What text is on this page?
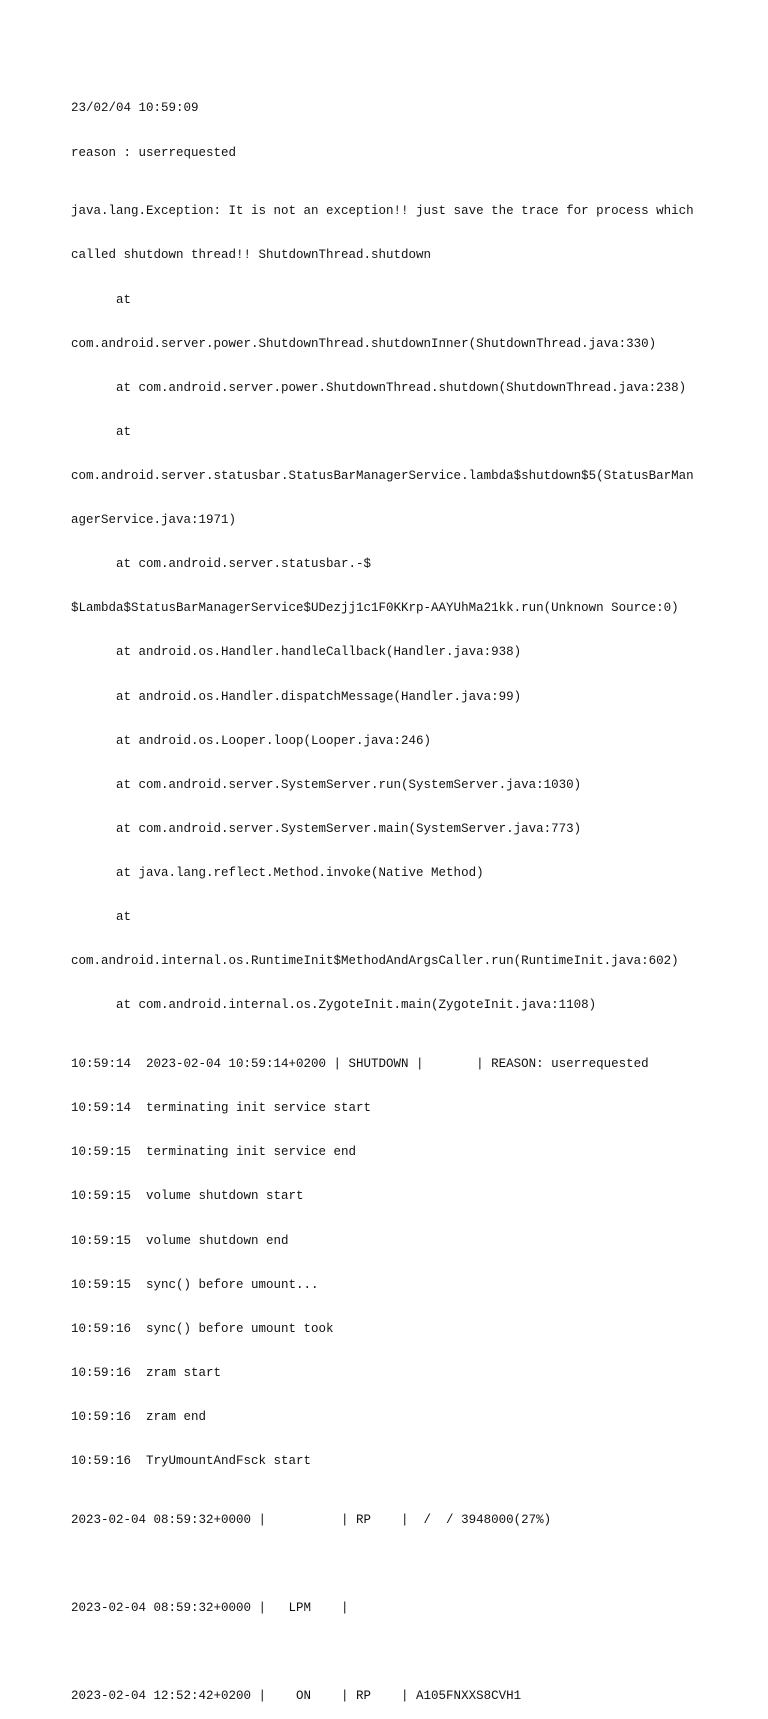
23/02/04 10:59:09

reason : userrequested

java.lang.Exception: It is not an exception!! just save the trace for process which

called shutdown thread!! ShutdownThread.shutdown

at

com.android.server.power.ShutdownThread.shutdownInner(ShutdownThread.java:330)

at com.android.server.power.ShutdownThread.shutdown(ShutdownThread.java:238)

at

com.android.server.statusbar.StatusBarManagerService.lambda$shutdown$5(StatusBarMan

agerService.java:1971)

at com.android.server.statusbar.-$

$Lambda$StatusBarManagerService$UDezjj1c1F0KKrp-AAYUhMa21kk.run(Unknown Source:0)

at android.os.Handler.handleCallback(Handler.java:938)

at android.os.Handler.dispatchMessage(Handler.java:99)

at android.os.Looper.loop(Looper.java:246)

at com.android.server.SystemServer.run(SystemServer.java:1030)

at com.android.server.SystemServer.main(SystemServer.java:773)

at java.lang.reflect.Method.invoke(Native Method)

at

com.android.internal.os.RuntimeInit$MethodAndArgsCaller.run(RuntimeInit.java:602)

at com.android.internal.os.ZygoteInit.main(ZygoteInit.java:1108)

10:59:14  2023-02-04 10:59:14+0200 | SHUTDOWN |       | REASON: userrequested

10:59:14  terminating init service start

10:59:15  terminating init service end

10:59:15  volume shutdown start

10:59:15  volume shutdown end

10:59:15  sync() before umount...

10:59:16  sync() before umount took

10:59:16  zram start

10:59:16  zram end

10:59:16  TryUmountAndFsck start

2023-02-04 08:59:32+0000 |          | RP    |  /  / 3948000(27%)

2023-02-04 08:59:32+0000 |   LPM    |

2023-02-04 12:52:42+0200 |    ON    | RP    | A105FNXXS8CVH1
